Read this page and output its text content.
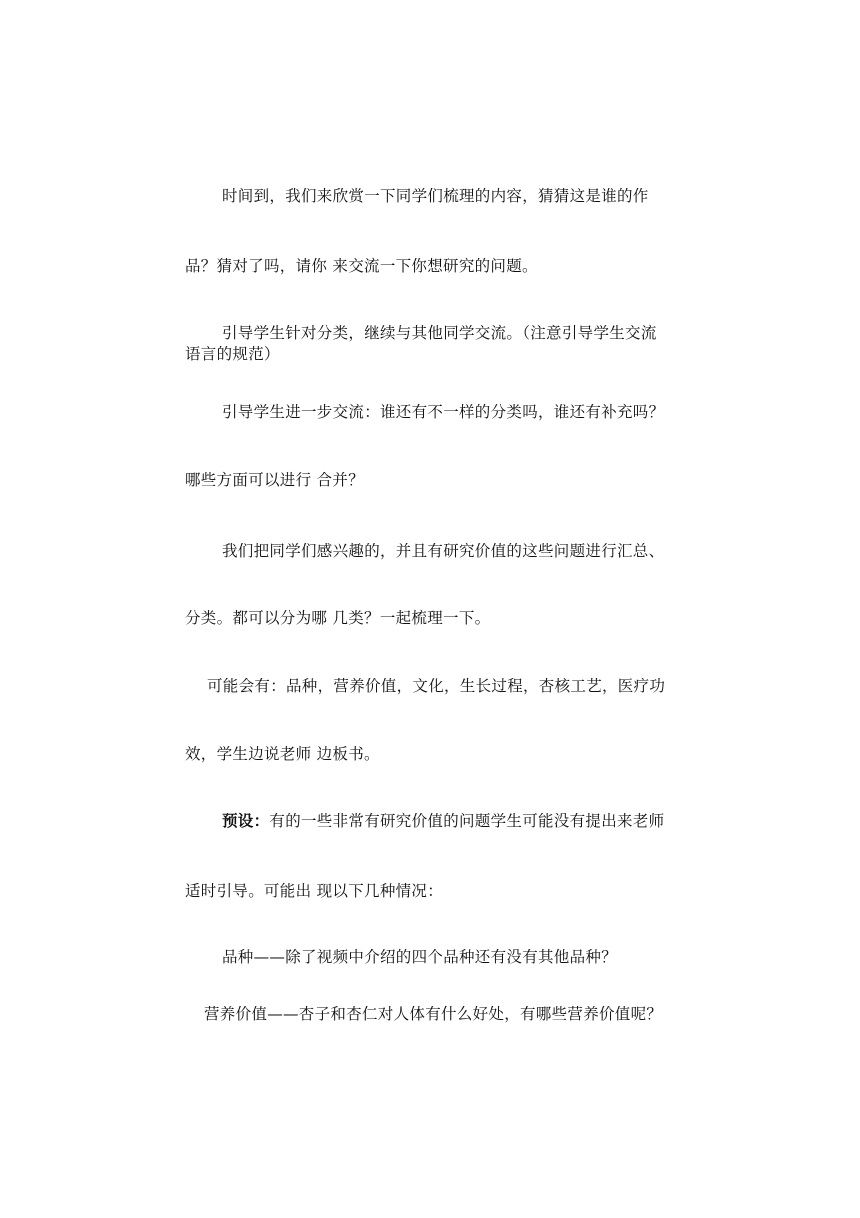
时间到，我们来欣赏一下同学们梳理的内容，猜猜这是谁的作
品？猜对了吗，请你 来交流一下你想研究的问题。
引导学生针对分类，继续与其他同学交流。（注意引导学生交流
语言的规范）
引导学生进一步交流：谁还有不一样的分类吗，谁还有补充吗？
哪些方面可以进行 合并？
我们把同学们感兴趣的，并且有研究价值的这些问题进行汇总、
分类。都可以分为哪 几类？一起梳理一下。
可能会有：品种，营养价值，文化，生长过程，杏核工艺，医疗功
效，学生边说老师 边板书。
预设：有的一些非常有研究价值的问题学生可能没有提出来老师
适时引导。可能出 现以下几种情况：
品种——除了视频中介绍的四个品种还有没有其他品种？
营养价值——杏子和杏仁对人体有什么好处，有哪些营养价值呢？
